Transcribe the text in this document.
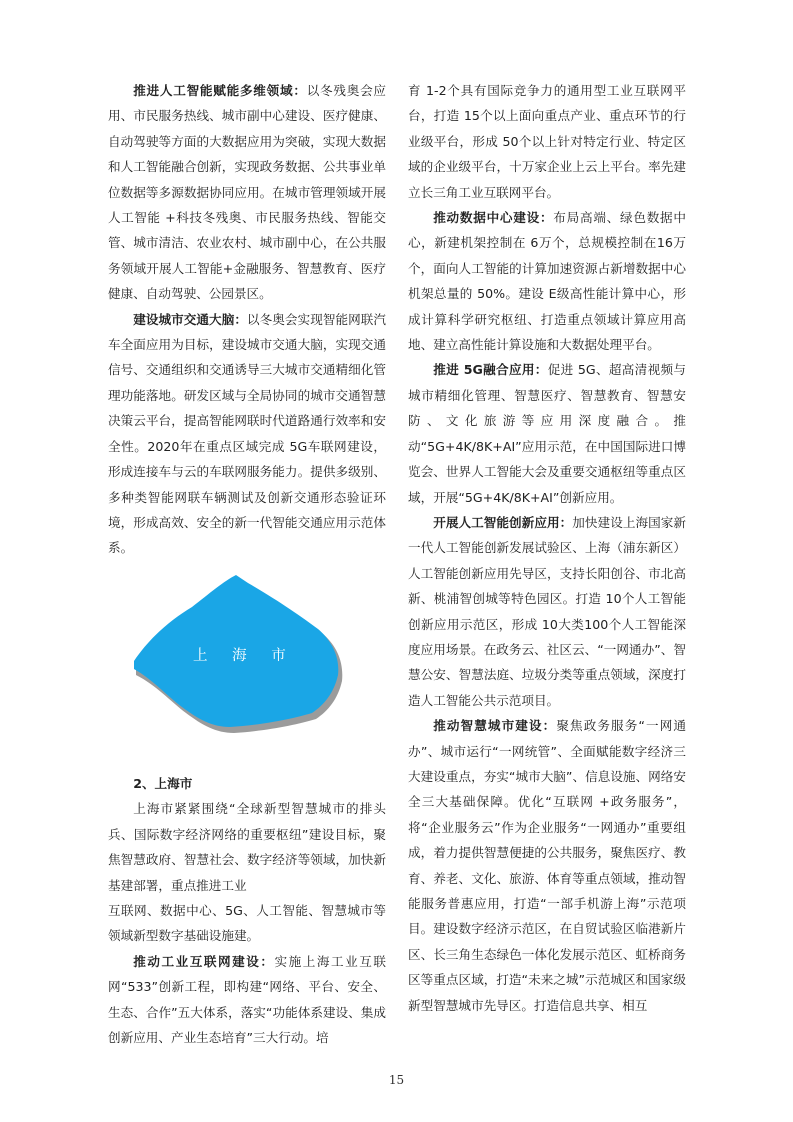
推进人工智能赋能多维领域：以冬残奥会应用、市民服务热线、城市副中心建设、医疗健康、自动驾驶等方面的大数据应用为突破，实现大数据和人工智能融合创新，实现政务数据、公共事业单位数据等多源数据协同应用。在城市管理领域开展人工智能 +科技冬残奥、市民服务热线、智能交管、城市清洁、农业农村、城市副中心，在公共服务领域开展人工智能+金融服务、智慧教育、医疗健康、自动驾驶、公园景区。

建设城市交通大脑：以冬奥会实现智能网联汽车全面应用为目标，建设城市交通大脑，实现交通信号、交通组织和交通诱导三大城市交通精细化管理功能落地。研发区域与全局协同的城市交通智慧决策云平台，提高智能网联时代道路通行效率和安全性。2020年在重点区域完成 5G车联网建设，形成连接车与云的车联网服务能力。提供多级别、多种类智能网联车辆测试及创新交通形态验证环境，形成高效、安全的新一代智能交通应用示范体系。

上 海 市

2、上海市

上海市紧紧围绕“全球新型智慧城市的排头兵、国际数字经济网络的重要枢纽”建设目标，聚焦智慧政府、智慧社会、数字经济等领域，加快新基建部署，重点推进工业

互联网、数据中心、5G、人工智能、智慧城市等领域新型数字基础设施建。

推动工业互联网建设：实施上海工业互联网“533”创新工程，即构建“网络、平台、安全、生态、合作”五大体系，落实“功能体系建设、集成创新应用、产业生态培育”三大行动。培

育 1-2个具有国际竞争力的通用型工业互联网平台，打造 15个以上面向重点产业、重点环节的行业级平台，形成 50个以上针对特定行业、特定区域的企业级平台，十万家企业上云上平台。率先建立长三角工业互联网平台。

推动数据中心建设：布局高端、绿色数据中心，新建机架控制在 6万个，总规模控制在16万个，面向人工智能的计算加速资源占新增数据中心机架总量的 50%。建设 E级高性能计算中心，形成计算科学研究枢纽、打造重点领域计算应用高地、建立高性能计算设施和大数据处理平台。

推进 5G融合应用：促进 5G、超高清视频与城市精细化管理、智慧医疗、智慧教育、智慧安防、文化旅游等应用深度融合。推动“5G+4K/8K+AI”应用示范，在中国国际进口博览会、世界人工智能大会及重要交通枢纽等重点区域，开展“5G+4K/8K+AI”创新应用。

开展人工智能创新应用：加快建设上海国家新一代人工智能创新发展试验区、上海（浦东新区）人工智能创新应用先导区，支持长阳创谷、市北高新、桃浦智创城等特色园区。打造 10个人工智能创新应用示范区，形成 10大类100个人工智能深度应用场景。在政务云、社区云、“一网通办”、智慧公安、智慧法庭、垃圾分类等重点领域，深度打造人工智能公共示范项目。

推动智慧城市建设：聚焦政务服务“一网通办”、城市运行“一网统管”、全面赋能数字经济三大建设重点，夯实“城市大脑”、信息设施、网络安全三大基础保障。优化“互联网 +政务服务”，将“企业服务云”作为企业服务“一网通办”重要组成，着力提供智慧便捷的公共服务，聚焦医疗、教育、养老、文化、旅游、体育等重点领域，推动智能服务普惠应用，打造“一部手机游上海”示范项目。建设数字经济示范区，在自贸试验区临港新片区、长三角生态绿色一体化发展示范区、虹桥商务区等重点区域，打造“未来之城”示范城区和国家级新型智慧城市先导区。打造信息共享、相互

15
